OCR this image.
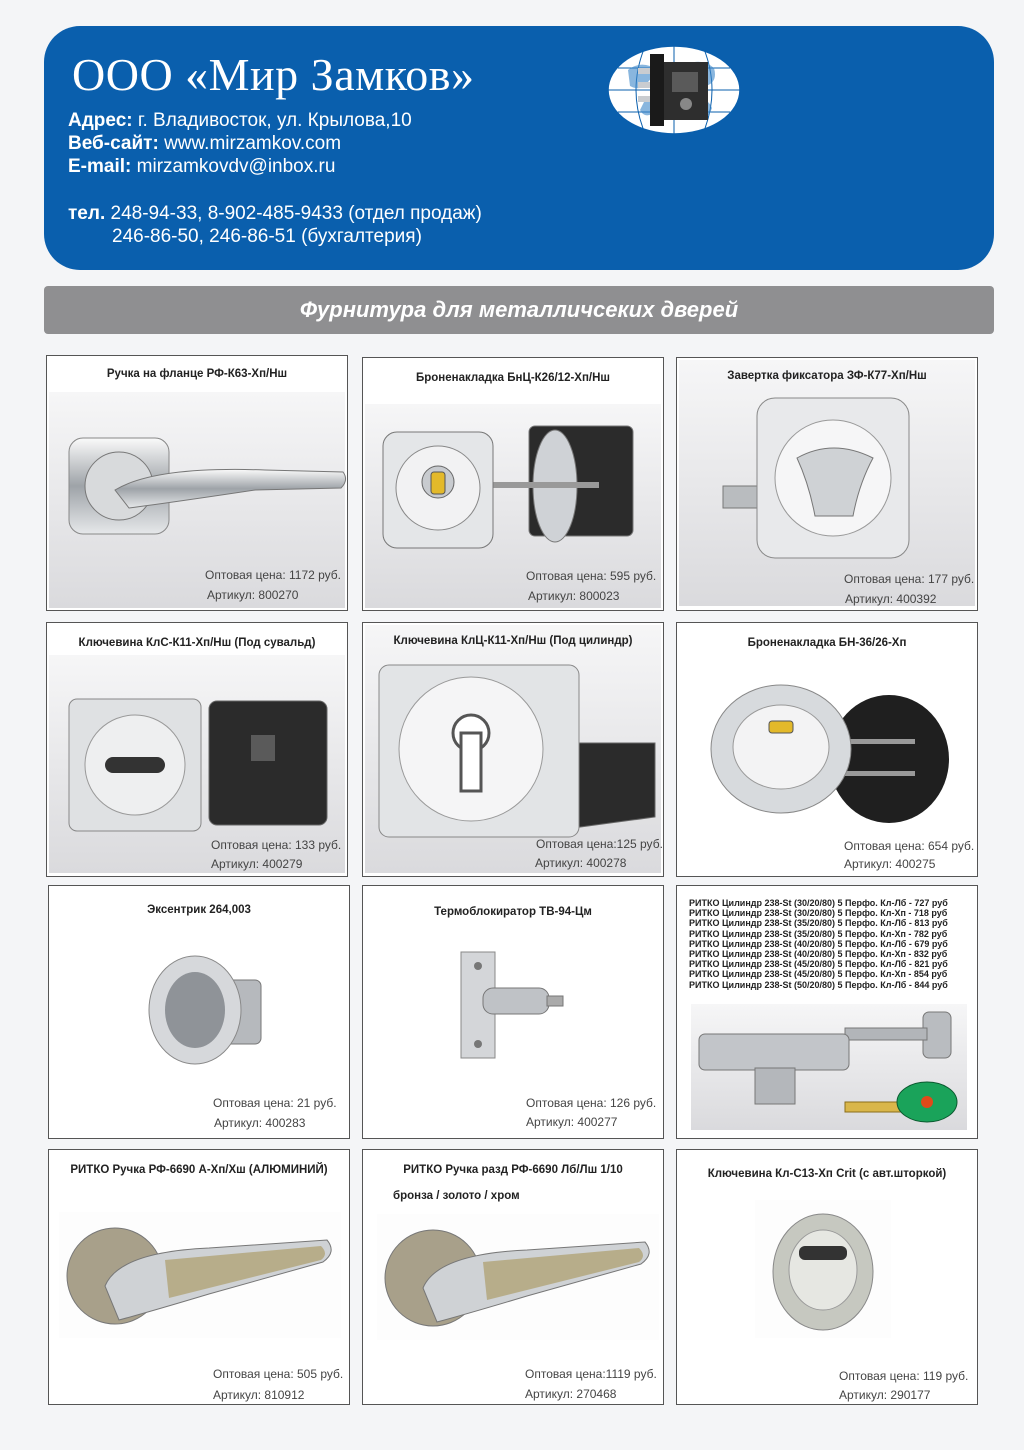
ООО «Мир Замков»
Адрес: г. Владивосток, ул. Крылова,10
Веб-сайт: www.mirzamkov.com
E-mail: mirzamkovdv@inbox.ru
тел. 248-94-33, 8-902-485-9433 (отдел продаж)
246-86-50, 246-86-51 (бухгалтерия)
Фурнитура для металличсеких дверей
Ручка на фланце РФ-К63-Хп/Нш
Оптовая цена: 1172 руб.
Артикул: 800270
Броненакладка БнЦ-К26/12-Хп/Нш
Оптовая цена: 595 руб.
Артикул: 800023
Завертка фиксатора ЗФ-К77-Хп/Нш
Оптовая цена: 177 руб.
Артикул: 400392
Ключевина КлС-К11-Хп/Нш (Под сувальд)
Оптовая цена: 133 руб.
Артикул: 400279
Ключевина КлЦ-К11-Хп/Нш (Под цилиндр)
Оптовая цена:125 руб.
Артикул: 400278
Броненакладка БН-36/26-Хп
Оптовая цена: 654 руб.
Артикул: 400275
Эксентрик 264,003
Оптовая цена: 21 руб.
Артикул: 400283
Термоблокиратор ТВ-94-Цм
Оптовая цена: 126 руб.
Артикул: 400277
РИТКО Цилиндр 238-St (30/20/80) 5 Перфо. Кл-Лб - 727 руб
РИТКО Цилиндр 238-St (30/20/80) 5 Перфо. Кл-Хп - 718 руб
РИТКО Цилиндр 238-St (35/20/80) 5 Перфо. Кл-Лб - 813 руб
РИТКО Цилиндр 238-St (35/20/80) 5 Перфо. Кл-Хп - 782 руб
РИТКО Цилиндр 238-St (40/20/80) 5 Перфо. Кл-Лб - 679 руб
РИТКО Цилиндр 238-St (40/20/80) 5 Перфо. Кл-Хп - 832 руб
РИТКО Цилиндр 238-St (45/20/80) 5 Перфо. Кл-Лб - 821 руб
РИТКО Цилиндр 238-St (45/20/80) 5 Перфо. Кл-Хп - 854 руб
РИТКО Цилиндр 238-St (50/20/80) 5 Перфо. Кл-Лб - 844 руб
РИТКО Ручка РФ-6690 А-Хп/Хш (АЛЮМИНИЙ)
Оптовая цена: 505 руб.
Артикул: 810912
РИТКО Ручка разд РФ-6690 Лб/Лш 1/10
бронза / золото / хром
Оптовая цена:1119 руб.
Артикул: 270468
Ключевина Кл-С13-Хп Crit (с авт.шторкой)
Оптовая цена: 119 руб.
Артикул: 290177
